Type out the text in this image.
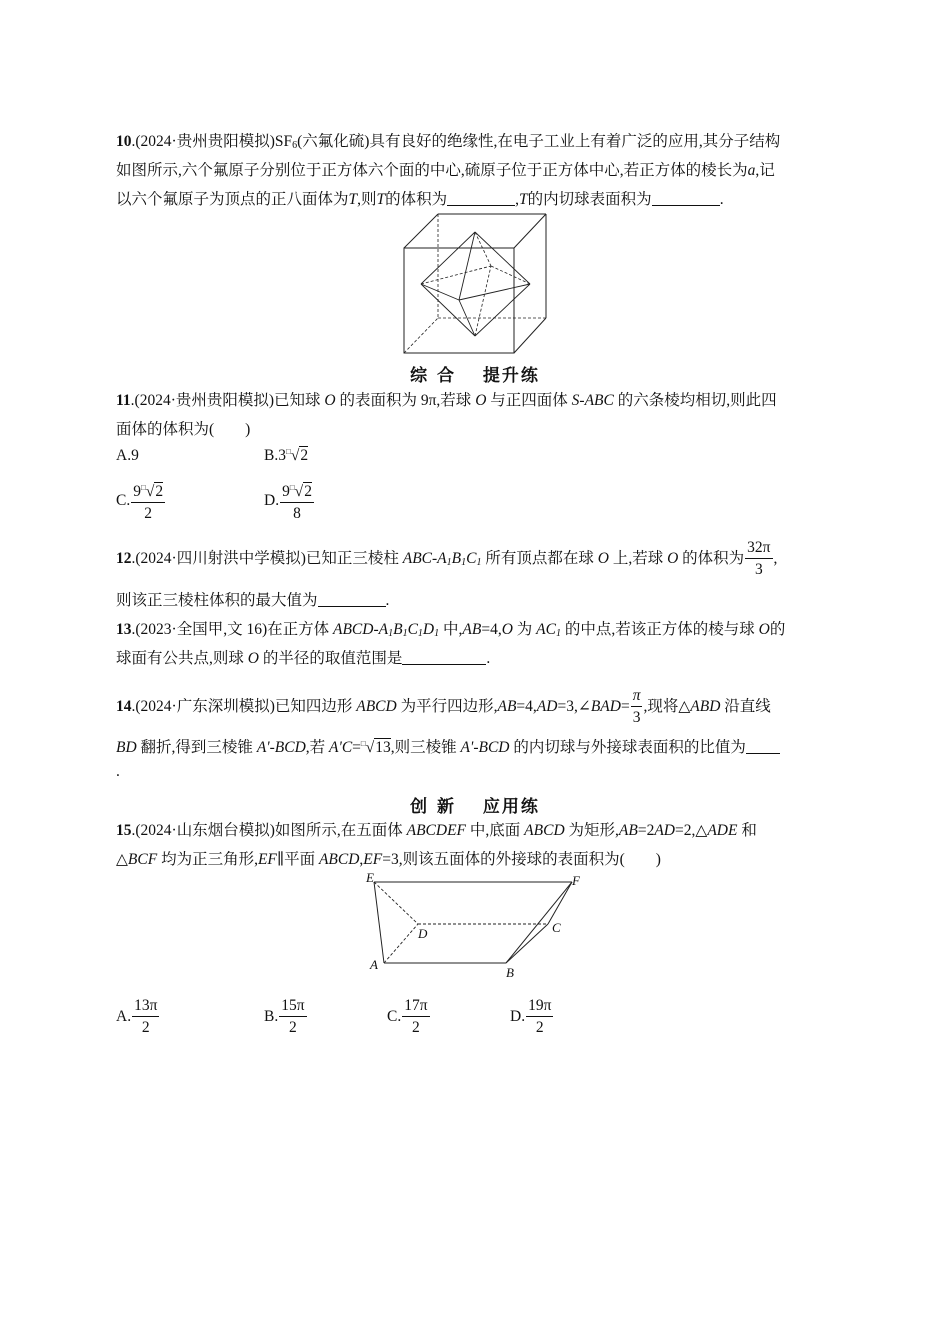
10.(2024·贵州贵阳模拟)$SF_6$(六氟化硫)具有良好的绝缘性,在电子工业上有着广泛的应用,其分子结构
如图所示,六个氟原子分别位于正方体六个面的中心,硫原子位于正方体中心,若正方体的棱长为a,记
以六个氟原子为顶点的正八面体为T,则T的体积为	,T的内切球表面积为	.
综 合　 提升练
11.(2024·贵州贵阳模拟)已知球 O 的表面积为 9π,若球 O 与正四面体 S-ABC 的六条棱均相切,则此四
面体的体积为(　　)
A.9	B.3□√2
C. $\frac{9^□√2}{2}$	D. $\frac{9^□√2}{8}$
12.(2024·四川射洪中学模拟)已知正三棱柱 ABC-$A_1B_1C_1$ 所有顶点都在球 O 上,若球 O 的体积为 $\frac{32\pi}{3}$ ,
则该正三棱柱体积的最大值为	.
13.(2023·全国甲,文 16)在正方体 ABCD-$A_1B_1C_1D_1$ 中,AB=4,O 为 $AC_1$ 的中点,若该正方体的棱与球 O的
球面有公共点,则球 O 的半径的取值范围是	.
14.(2024·广东深圳模拟)已知四边形 ABCD 为平行四边形,AB=4,AD=3,∠BAD= $\frac{\pi}{3}$ ,现将△ABD 沿直线
BD 翻折,得到三棱锥 A'-BCD,若 A'C=□√13,则三棱锥 A'-BCD 的内切球与外接球表面积的比值为
.
创 新　 应用练
15.(2024·山东烟台模拟)如图所示,在五面体 ABCDEF 中,底面 ABCD 为矩形,AB=2AD=2,△ADE 和
△BCF 均为正三角形,EF∥平面 ABCD,EF=3,则该五面体的外接球的表面积为(　　)
E	F
D	C
A
B
A. $\frac{13\pi}{2}$	B. $\frac{15\pi}{2}$	C. $\frac{17\pi}{2}$	D. $\frac{19\pi}{2}$
